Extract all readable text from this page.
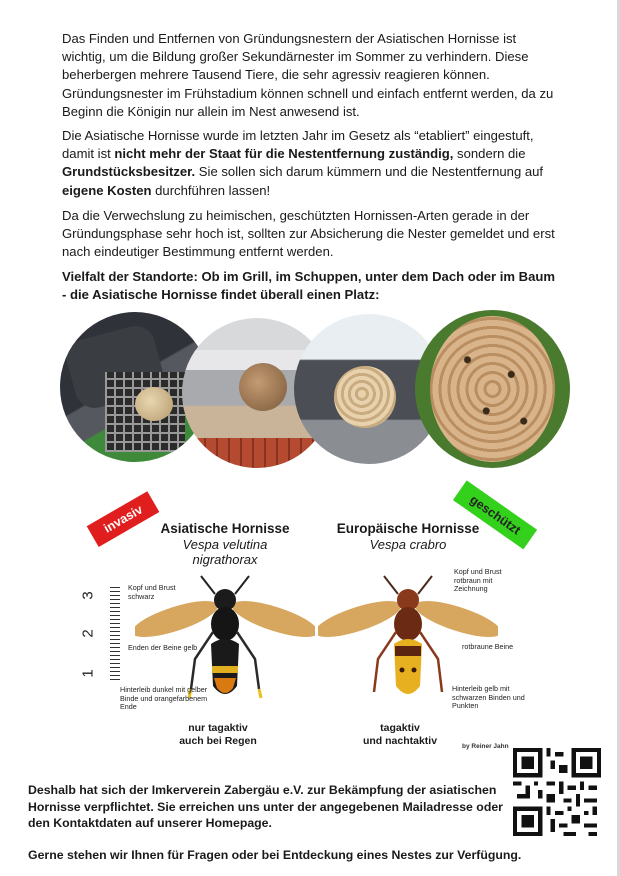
Das Finden und Entfernen von Gründungsnestern der Asiatischen Hornisse ist wichtig, um die Bildung großer Sekundärnester im Sommer zu verhindern. Diese beherbergen mehrere Tausend Tiere, die sehr agressiv reagieren können. Gründungsnester im Frühstadium können schnell und einfach entfernt werden, da zu Beginn die Königin nur allein im Nest anwesend ist.

Die Asiatische Hornisse wurde im letzten Jahr im Gesetz als “etabliert” eingestuft, damit ist nicht mehr der Staat für die Nestentfernung zuständig, sondern die Grundstücksbesitzer. Sie sollen sich darum kümmern und die Nestentfernung auf eigene Kosten durchführen lassen!

Da die Verwechslung zu heimischen, geschützten Hornissen-Arten gerade in der Gründungsphase sehr hoch ist, sollten zur Absicherung die Nester gemeldet und erst nach eindeutiger Bestimmung entfernt werden.

Vielfalt der Standorte: Ob im Grill, im Schuppen, unter dem Dach oder im Baum - die Asiatische Hornisse findet überall einen Platz:

invasiv	geschützt
Asiatische Hornisse
Vespa velutina nigrathorax
Europäische Hornisse
Vespa crabro
3
2
1
Kopf und Brust schwarz
Enden der Beine gelb
Hinterleib dunkel mit gelber Binde und orangefarbenem Ende
Kopf und Brust rotbraun mit Zeichnung
rotbraune Beine
Hinterleib gelb mit schwarzen Binden und Punkten
nur tagaktiv
auch bei Regen
tagaktiv
und nachtaktiv	by Reiner Jahn

Deshalb hat sich der Imkerverein Zabergäu e.V. zur Bekämpfung der asiatischen Hornisse verpflichtet. Sie erreichen uns unter der angegebenen Mailadresse oder den Kontaktdaten auf unserer Homepage.

Gerne stehen wir Ihnen für Fragen oder bei Entdeckung eines Nestes zur Verfügung.
